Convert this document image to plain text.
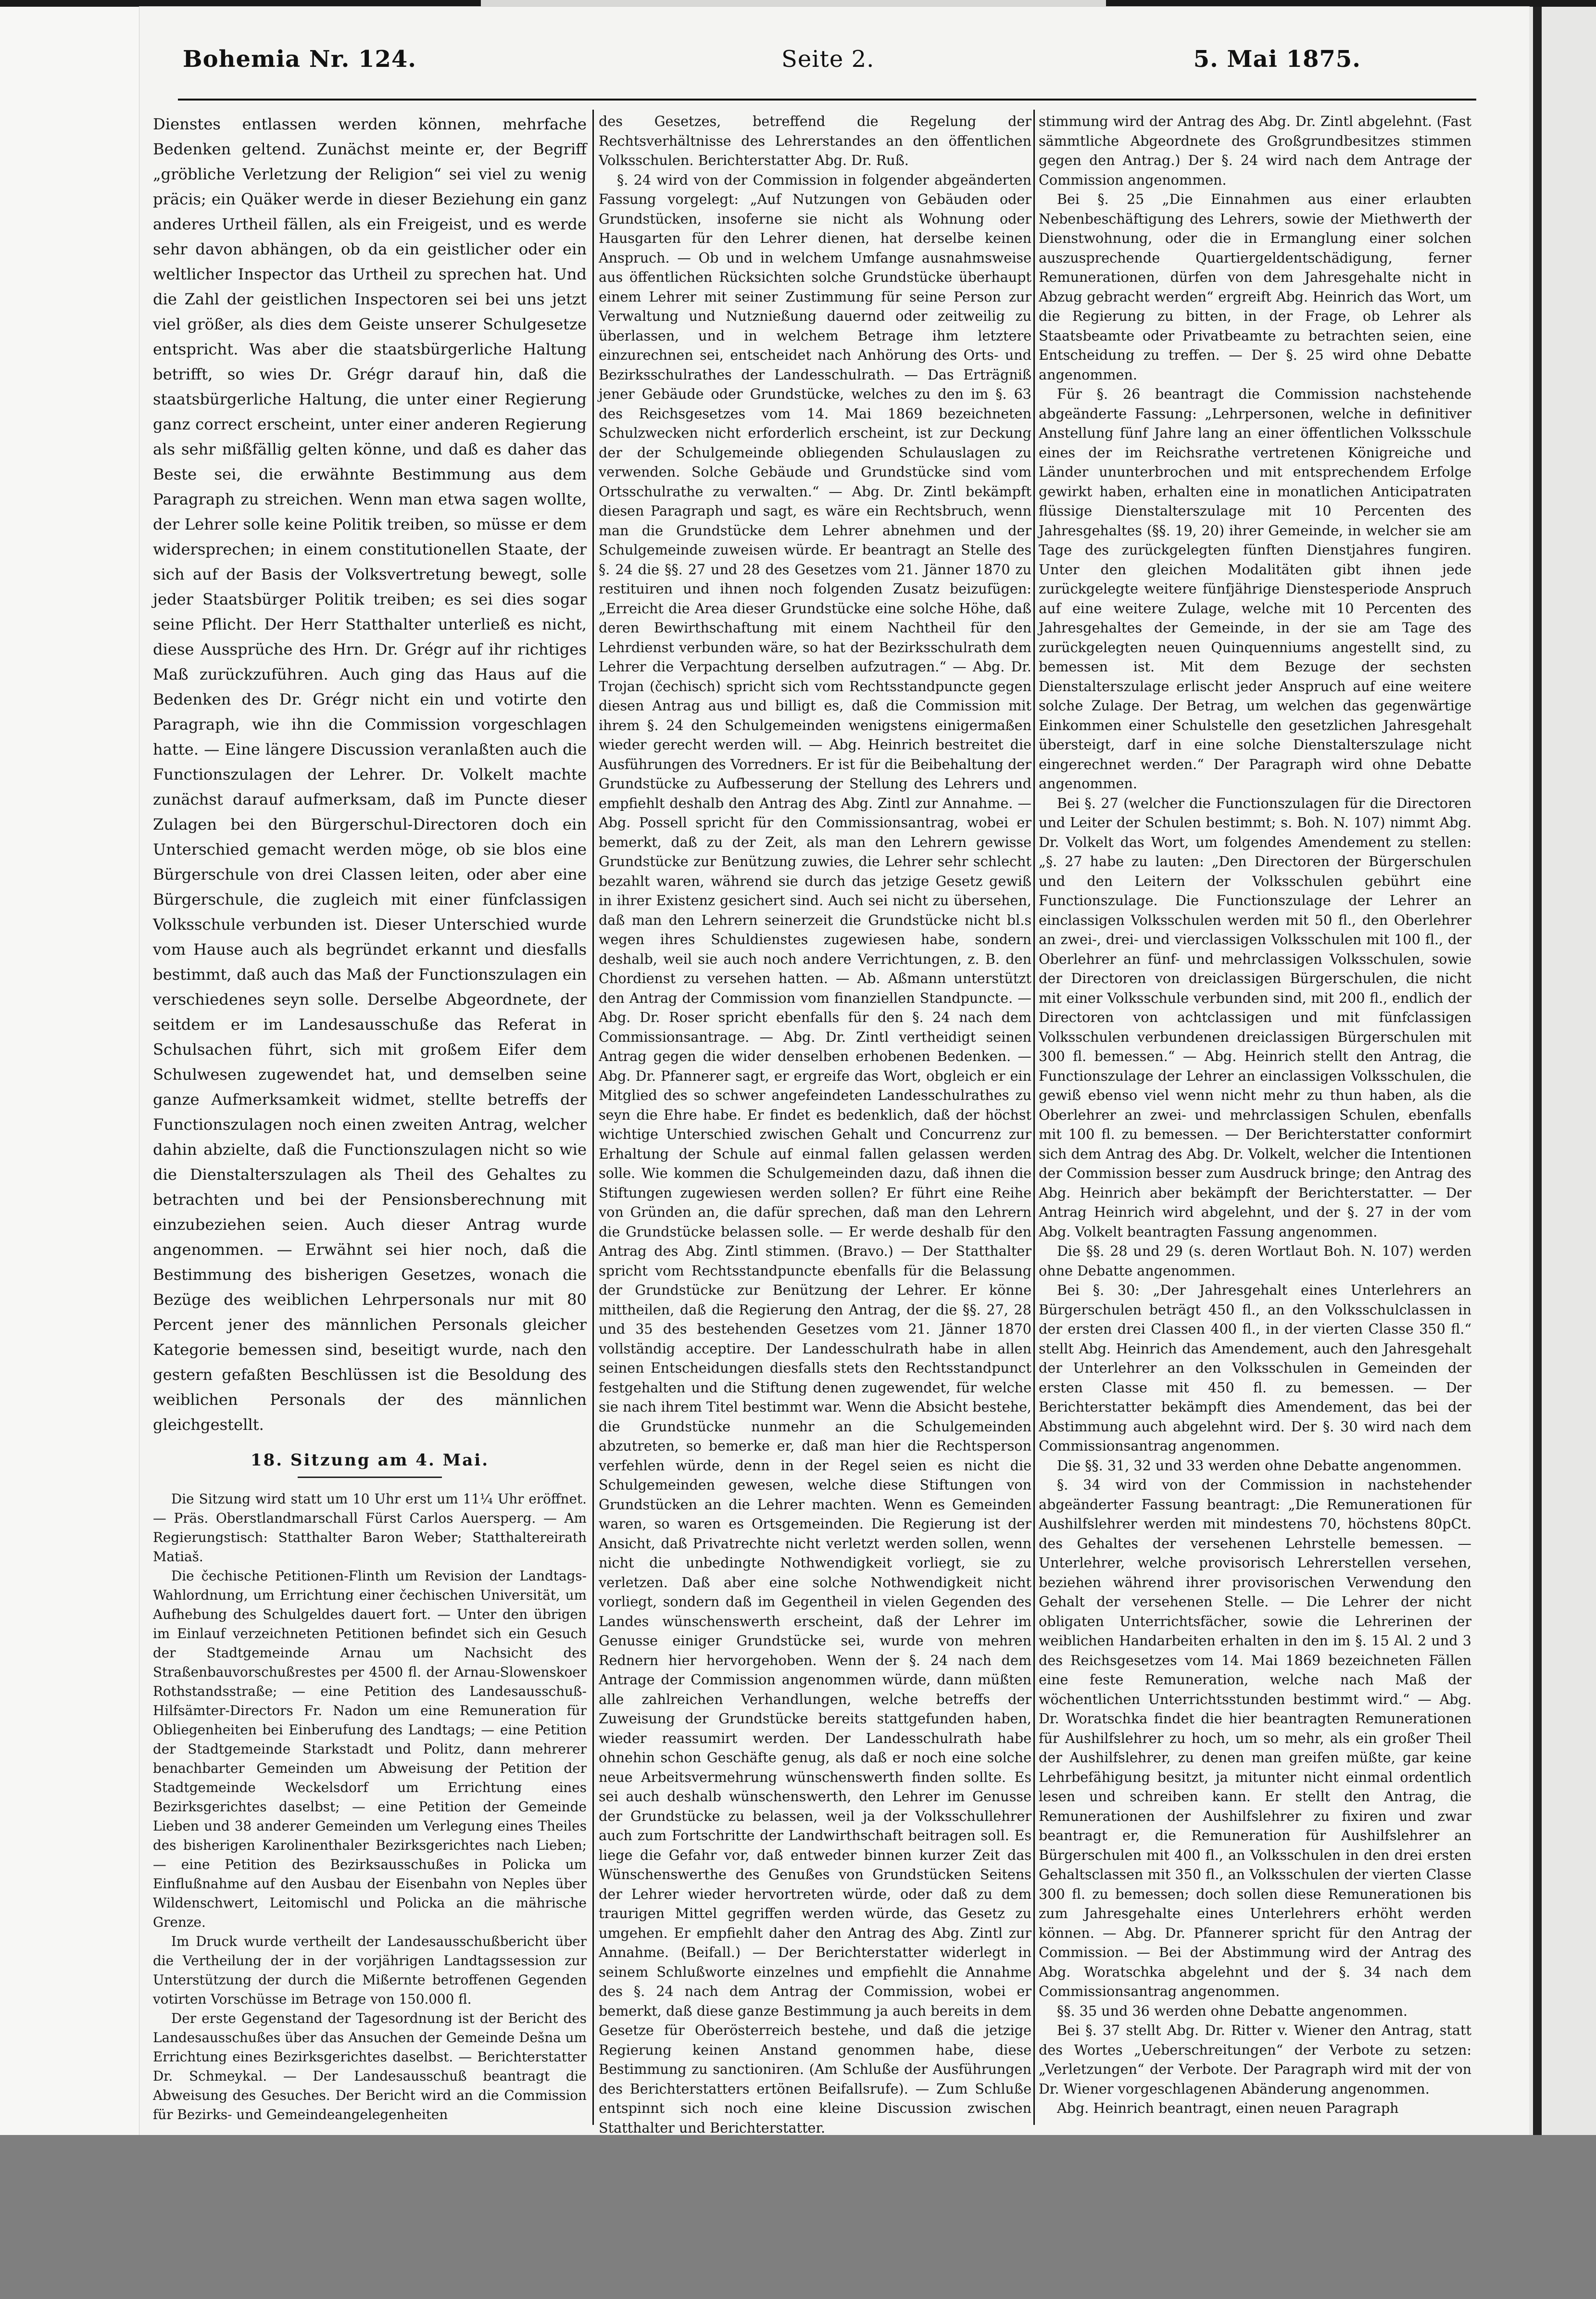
Bohemia Nr. 124.	Seite 2.	5. Mai 1875.

Dienstes entlassen werden können, mehrfache Bedenken geltend. Zunächst meinte er, der Begriff „gröbliche Verletzung der Religion“ sei viel zu wenig präcis; ein Quäker werde in dieser Beziehung ein ganz anderes Urtheil fällen, als ein Freigeist, und es werde sehr davon abhängen, ob da ein geistlicher oder ein weltlicher Inspector das Urtheil zu sprechen hat. Und die Zahl der geistlichen Inspectoren sei bei uns jetzt viel größer, als dies dem Geiste unserer Schulgesetze entspricht. Was aber die staatsbürgerliche Haltung betrifft, so wies Dr. Grégr darauf hin, daß die staatsbürgerliche Haltung, die unter einer Regierung ganz correct erscheint, unter einer anderen Regierung als sehr mißfällig gelten könne, und daß es daher das Beste sei, die erwähnte Bestimmung aus dem Paragraph zu streichen. Wenn man etwa sagen wollte, der Lehrer solle keine Politik treiben, so müsse er dem widersprechen; in einem constitutionellen Staate, der sich auf der Basis der Volksvertretung bewegt, solle jeder Staatsbürger Politik treiben; es sei dies sogar seine Pflicht. Der Herr Statthalter unterließ es nicht, diese Aussprüche des Hrn. Dr. Grégr auf ihr richtiges Maß zurückzuführen. Auch ging das Haus auf die Bedenken des Dr. Grégr nicht ein und votirte den Paragraph, wie ihn die Commission vorgeschlagen hatte. — Eine längere Discussion veranlaßten auch die Functionszulagen der Lehrer. Dr. Volkelt machte zunächst darauf aufmerksam, daß im Puncte dieser Zulagen bei den Bürgerschul-Directoren doch ein Unterschied gemacht werden möge, ob sie blos eine Bürgerschule von drei Classen leiten, oder aber eine Bürgerschule, die zugleich mit einer fünfclassigen Volksschule verbunden ist. Dieser Unterschied wurde vom Hause auch als begründet erkannt und diesfalls bestimmt, daß auch das Maß der Functionszulagen ein verschiedenes seyn solle. Derselbe Abgeordnete, der seitdem er im Landesausschuße das Referat in Schulsachen führt, sich mit großem Eifer dem Schulwesen zugewendet hat, und demselben seine ganze Aufmerksamkeit widmet, stellte betreffs der Functionszulagen noch einen zweiten Antrag, welcher dahin abzielte, daß die Functionszulagen nicht so wie die Dienstalterszulagen als Theil des Gehaltes zu betrachten und bei der Pensionsberechnung mit einzubeziehen seien. Auch dieser Antrag wurde angenommen. — Erwähnt sei hier noch, daß die Bestimmung des bisherigen Gesetzes, wonach die Bezüge des weiblichen Lehrpersonals nur mit 80 Percent jener des männlichen Personals gleicher Kategorie bemessen sind, beseitigt wurde, nach den gestern gefaßten Beschlüssen ist die Besoldung des weiblichen Personals der des männlichen gleichgestellt.

18. Sitzung am 4. Mai.

Die Sitzung wird statt um 10 Uhr erst um 11¼ Uhr eröffnet. — Präs. Oberstlandmarschall Fürst Carlos Auersperg. — Am Regierungstisch: Statthalter Baron Weber; Statthaltereirath Matiaš.

Die čechische Petitionen-Flinth um Revision der Landtags-Wahlordnung, um Errichtung einer čechischen Universität, um Aufhebung des Schulgeldes dauert fort. — Unter den übrigen im Einlauf verzeichneten Petitionen befindet sich ein Gesuch der Stadtgemeinde Arnau um Nachsicht des Straßenbauvorschußrestes per 4500 fl. der Arnau-Slowenskoer Rothstandsstraße; — eine Petition des Landesausschuß-Hilfsämter-Directors Fr. Nadon um eine Remuneration für Obliegenheiten bei Einberufung des Landtags; — eine Petition der Stadtgemeinde Starkstadt und Politz, dann mehrerer benachbarter Gemeinden um Abweisung der Petition der Stadtgemeinde Weckelsdorf um Errichtung eines Bezirksgerichtes daselbst; — eine Petition der Gemeinde Lieben und 38 anderer Gemeinden um Verlegung eines Theiles des bisherigen Karolinenthaler Bezirksgerichtes nach Lieben; — eine Petition des Bezirksausschußes in Policka um Einflußnahme auf den Ausbau der Eisenbahn von Neples über Wildenschwert, Leitomischl und Policka an die mährische Grenze.

Im Druck wurde vertheilt der Landesausschußbericht über die Vertheilung der in der vorjährigen Landtagssession zur Unterstützung der durch die Mißernte betroffenen Gegenden votirten Vorschüsse im Betrage von 150.000 fl.

Der erste Gegenstand der Tagesordnung ist der Bericht des Landesausschußes über das Ansuchen der Gemeinde Dešna um Errichtung eines Bezirksgerichtes daselbst. — Berichterstatter Dr. Schmeykal. — Der Landesausschuß beantragt die Abweisung des Gesuches. Der Bericht wird an die Commission für Bezirks- und Gemeindeangelegenheiten

des Gesetzes, betreffend die Regelung der Rechtsverhältnisse des Lehrerstandes an den öffentlichen Volksschulen. Berichterstatter Abg. Dr. Ruß.

§. 24 wird von der Commission in folgender abgeänderten Fassung vorgelegt: „Auf Nutzungen von Gebäuden oder Grundstücken, insoferne sie nicht als Wohnung oder Hausgarten für den Lehrer dienen, hat derselbe keinen Anspruch. — Ob und in welchem Umfange ausnahmsweise aus öffentlichen Rücksichten solche Grundstücke überhaupt einem Lehrer mit seiner Zustimmung für seine Person zur Verwaltung und Nutznießung dauernd oder zeitweilig zu überlassen, und in welchem Betrage ihm letztere einzurechnen sei, entscheidet nach Anhörung des Orts- und Bezirksschulrathes der Landesschulrath. — Das Erträgniß jener Gebäude oder Grundstücke, welches zu den im §. 63 des Reichsgesetzes vom 14. Mai 1869 bezeichneten Schulzwecken nicht erforderlich erscheint, ist zur Deckung der der Schulgemeinde obliegenden Schulauslagen zu verwenden. Solche Gebäude und Grundstücke sind vom Ortsschulrathe zu verwalten.“ — Abg. Dr. Zintl bekämpft diesen Paragraph und sagt, es wäre ein Rechtsbruch, wenn man die Grundstücke dem Lehrer abnehmen und der Schulgemeinde zuweisen würde. Er beantragt an Stelle des §. 24 die §§. 27 und 28 des Gesetzes vom 21. Jänner 1870 zu restituiren und ihnen noch folgenden Zusatz beizufügen: „Erreicht die Area dieser Grundstücke eine solche Höhe, daß deren Bewirthschaftung mit einem Nachtheil für den Lehrdienst verbunden wäre, so hat der Bezirksschulrath dem Lehrer die Verpachtung derselben aufzutragen.“ — Abg. Dr. Trojan (čechisch) spricht sich vom Rechtsstandpuncte gegen diesen Antrag aus und billigt es, daß die Commission mit ihrem §. 24 den Schulgemeinden wenigstens einigermaßen wieder gerecht werden will. — Abg. Heinrich bestreitet die Ausführungen des Vorredners. Er ist für die Beibehaltung der Grundstücke zu Aufbesserung der Stellung des Lehrers und empfiehlt deshalb den Antrag des Abg. Zintl zur Annahme. — Abg. Possell spricht für den Commissionsantrag, wobei er bemerkt, daß zu der Zeit, als man den Lehrern gewisse Grundstücke zur Benützung zuwies, die Lehrer sehr schlecht bezahlt waren, während sie durch das jetzige Gesetz gewiß in ihrer Existenz gesichert sind. Auch sei nicht zu übersehen, daß man den Lehrern seinerzeit die Grundstücke nicht bl.s wegen ihres Schuldienstes zugewiesen habe, sondern deshalb, weil sie auch noch andere Verrichtungen, z. B. den Chordienst zu versehen hatten. — Ab. Aßmann unterstützt den Antrag der Commission vom finanziellen Standpuncte. — Abg. Dr. Roser spricht ebenfalls für den §. 24 nach dem Commissionsantrage. — Abg. Dr. Zintl vertheidigt seinen Antrag gegen die wider denselben erhobenen Bedenken. — Abg. Dr. Pfannerer sagt, er ergreife das Wort, obgleich er ein Mitglied des so schwer angefeindeten Landesschulrathes zu seyn die Ehre habe. Er findet es bedenklich, daß der höchst wichtige Unterschied zwischen Gehalt und Concurrenz zur Erhaltung der Schule auf einmal fallen gelassen werden solle. Wie kommen die Schulgemeinden dazu, daß ihnen die Stiftungen zugewiesen werden sollen? Er führt eine Reihe von Gründen an, die dafür sprechen, daß man den Lehrern die Grundstücke belassen solle. — Er werde deshalb für den Antrag des Abg. Zintl stimmen. (Bravo.) — Der Statthalter spricht vom Rechtsstandpuncte ebenfalls für die Belassung der Grundstücke zur Benützung der Lehrer. Er könne mittheilen, daß die Regierung den Antrag, der die §§. 27, 28 und 35 des bestehenden Gesetzes vom 21. Jänner 1870 vollständig acceptire. Der Landesschulrath habe in allen seinen Entscheidungen diesfalls stets den Rechtsstandpunct festgehalten und die Stiftung denen zugewendet, für welche sie nach ihrem Titel bestimmt war. Wenn die Absicht bestehe, die Grundstücke nunmehr an die Schulgemeinden abzutreten, so bemerke er, daß man hier die Rechtsperson verfehlen würde, denn in der Regel seien es nicht die Schulgemeinden gewesen, welche diese Stiftungen von Grundstücken an die Lehrer machten. Wenn es Gemeinden waren, so waren es Ortsgemeinden. Die Regierung ist der Ansicht, daß Privatrechte nicht verletzt werden sollen, wenn nicht die unbedingte Nothwendigkeit vorliegt, sie zu verletzen. Daß aber eine solche Nothwendigkeit nicht vorliegt, sondern daß im Gegentheil in vielen Gegenden des Landes wünschenswerth erscheint, daß der Lehrer im Genusse einiger Grundstücke sei, wurde von mehren Rednern hier hervorgehoben. Wenn der §. 24 nach dem Antrage der Commission angenommen würde, dann müßten alle zahlreichen Verhandlungen, welche betreffs der Zuweisung der Grundstücke bereits stattgefunden haben, wieder reassumirt werden. Der Landesschulrath habe ohnehin schon Geschäfte genug, als daß er noch eine solche neue Arbeitsvermehrung wünschenswerth finden sollte. Es sei auch deshalb wünschenswerth, den Lehrer im Genusse der Grundstücke zu belassen, weil ja der Volksschullehrer auch zum Fortschritte der Landwirthschaft beitragen soll. Es liege die Gefahr vor, daß entweder binnen kurzer Zeit das Wünschenswerthe des Genußes von Grundstücken Seitens der Lehrer wieder hervortreten würde, oder daß zu dem traurigen Mittel gegriffen werden würde, das Gesetz zu umgehen. Er empfiehlt daher den Antrag des Abg. Zintl zur Annahme. (Beifall.) — Der Berichterstatter widerlegt in seinem Schlußworte einzelnes und empfiehlt die Annahme des §. 24 nach dem Antrag der Commission, wobei er bemerkt, daß diese ganze Bestimmung ja auch bereits in dem Gesetze für Oberösterreich bestehe, und daß die jetzige Regierung keinen Anstand genommen habe, diese Bestimmung zu sanctioniren. (Am Schluße der Ausführungen des Berichterstatters ertönen Beifallsrufe). — Zum Schluße entspinnt sich noch eine kleine Discussion zwischen Statthalter und Berichterstatter.

stimmung wird der Antrag des Abg. Dr. Zintl abgelehnt. (Fast sämmtliche Abgeordnete des Großgrundbesitzes stimmen gegen den Antrag.) Der §. 24 wird nach dem Antrage der Commission angenommen.

Bei §. 25 „Die Einnahmen aus einer erlaubten Nebenbeschäftigung des Lehrers, sowie der Miethwerth der Dienstwohnung, oder die in Ermanglung einer solchen auszusprechende Quartiergeldentschädigung, ferner Remunerationen, dürfen von dem Jahresgehalte nicht in Abzug gebracht werden“ ergreift Abg. Heinrich das Wort, um die Regierung zu bitten, in der Frage, ob Lehrer als Staatsbeamte oder Privatbeamte zu betrachten seien, eine Entscheidung zu treffen. — Der §. 25 wird ohne Debatte angenommen.

Für §. 26 beantragt die Commission nachstehende abgeänderte Fassung: „Lehrpersonen, welche in definitiver Anstellung fünf Jahre lang an einer öffentlichen Volksschule eines der im Reichsrathe vertretenen Königreiche und Länder ununterbrochen und mit entsprechendem Erfolge gewirkt haben, erhalten eine in monatlichen Anticipatraten flüssige Dienstalterszulage mit 10 Percenten des Jahresgehaltes (§§. 19, 20) ihrer Gemeinde, in welcher sie am Tage des zurückgelegten fünften Dienstjahres fungiren. Unter den gleichen Modalitäten gibt ihnen jede zurückgelegte weitere fünfjährige Dienstesperiode Anspruch auf eine weitere Zulage, welche mit 10 Percenten des Jahresgehaltes der Gemeinde, in der sie am Tage des zurückgelegten neuen Quinquenniums angestellt sind, zu bemessen ist. Mit dem Bezuge der sechsten Dienstalterszulage erlischt jeder Anspruch auf eine weitere solche Zulage. Der Betrag, um welchen das gegenwärtige Einkommen einer Schulstelle den gesetzlichen Jahresgehalt übersteigt, darf in eine solche Dienstalterszulage nicht eingerechnet werden.“ Der Paragraph wird ohne Debatte angenommen.

Bei §. 27 (welcher die Functionszulagen für die Directoren und Leiter der Schulen bestimmt; s. Boh. N. 107) nimmt Abg. Dr. Volkelt das Wort, um folgendes Amendement zu stellen: „§. 27 habe zu lauten: „Den Directoren der Bürgerschulen und den Leitern der Volksschulen gebührt eine Functionszulage. Die Functionszulage der Lehrer an einclassigen Volksschulen werden mit 50 fl., den Oberlehrer an zwei-, drei- und vierclassigen Volksschulen mit 100 fl., der Oberlehrer an fünf- und mehrclassigen Volksschulen, sowie der Directoren von dreiclassigen Bürgerschulen, die nicht mit einer Volksschule verbunden sind, mit 200 fl., endlich der Directoren von achtclassigen und mit fünfclassigen Volksschulen verbundenen dreiclassigen Bürgerschulen mit 300 fl. bemessen.“ — Abg. Heinrich stellt den Antrag, die Functionszulage der Lehrer an einclassigen Volksschulen, die gewiß ebenso viel wenn nicht mehr zu thun haben, als die Oberlehrer an zwei- und mehrclassigen Schulen, ebenfalls mit 100 fl. zu bemessen. — Der Berichterstatter conformirt sich dem Antrag des Abg. Dr. Volkelt, welcher die Intentionen der Commission besser zum Ausdruck bringe; den Antrag des Abg. Heinrich aber bekämpft der Berichterstatter. — Der Antrag Heinrich wird abgelehnt, und der §. 27 in der vom Abg. Volkelt beantragten Fassung angenommen.

Die §§. 28 und 29 (s. deren Wortlaut Boh. N. 107) werden ohne Debatte angenommen.

Bei §. 30: „Der Jahresgehalt eines Unterlehrers an Bürgerschulen beträgt 450 fl., an den Volksschulclassen in der ersten drei Classen 400 fl., in der vierten Classe 350 fl.“ stellt Abg. Heinrich das Amendement, auch den Jahresgehalt der Unterlehrer an den Volksschulen in Gemeinden der ersten Classe mit 450 fl. zu bemessen. — Der Berichterstatter bekämpft dies Amendement, das bei der Abstimmung auch abgelehnt wird. Der §. 30 wird nach dem Commissionsantrag angenommen.

Die §§. 31, 32 und 33 werden ohne Debatte angenommen.

§. 34 wird von der Commission in nachstehender abgeänderter Fassung beantragt: „Die Remunerationen für Aushilfslehrer werden mit mindestens 70, höchstens 80pCt. des Gehaltes der versehenen Lehrstelle bemessen. — Unterlehrer, welche provisorisch Lehrerstellen versehen, beziehen während ihrer provisorischen Verwendung den Gehalt der versehenen Stelle. — Die Lehrer der nicht obligaten Unterrichtsfächer, sowie die Lehrerinen der weiblichen Handarbeiten erhalten in den im §. 15 Al. 2 und 3 des Reichsgesetzes vom 14. Mai 1869 bezeichneten Fällen eine feste Remuneration, welche nach Maß der wöchentlichen Unterrichtsstunden bestimmt wird.“ — Abg. Dr. Woratschka findet die hier beantragten Remunerationen für Aushilfslehrer zu hoch, um so mehr, als ein großer Theil der Aushilfslehrer, zu denen man greifen müßte, gar keine Lehrbefähigung besitzt, ja mitunter nicht einmal ordentlich lesen und schreiben kann. Er stellt den Antrag, die Remunerationen der Aushilfslehrer zu fixiren und zwar beantragt er, die Remuneration für Aushilfslehrer an Bürgerschulen mit 400 fl., an Volksschulen in den drei ersten Gehaltsclassen mit 350 fl., an Volksschulen der vierten Classe 300 fl. zu bemessen; doch sollen diese Remunerationen bis zum Jahresgehalte eines Unterlehrers erhöht werden können. — Abg. Dr. Pfannerer spricht für den Antrag der Commission. — Bei der Abstimmung wird der Antrag des Abg. Woratschka abgelehnt und der §. 34 nach dem Commissionsantrag angenommen.

§§. 35 und 36 werden ohne Debatte angenommen.

Bei §. 37 stellt Abg. Dr. Ritter v. Wiener den Antrag, statt des Wortes „Ueberschreitungen“ der Verbote zu setzen: „Verletzungen“ der Verbote. Der Paragraph wird mit der von Dr. Wiener vorgeschlagenen Abänderung angenommen.

Abg. Heinrich beantragt, einen neuen Paragraph
